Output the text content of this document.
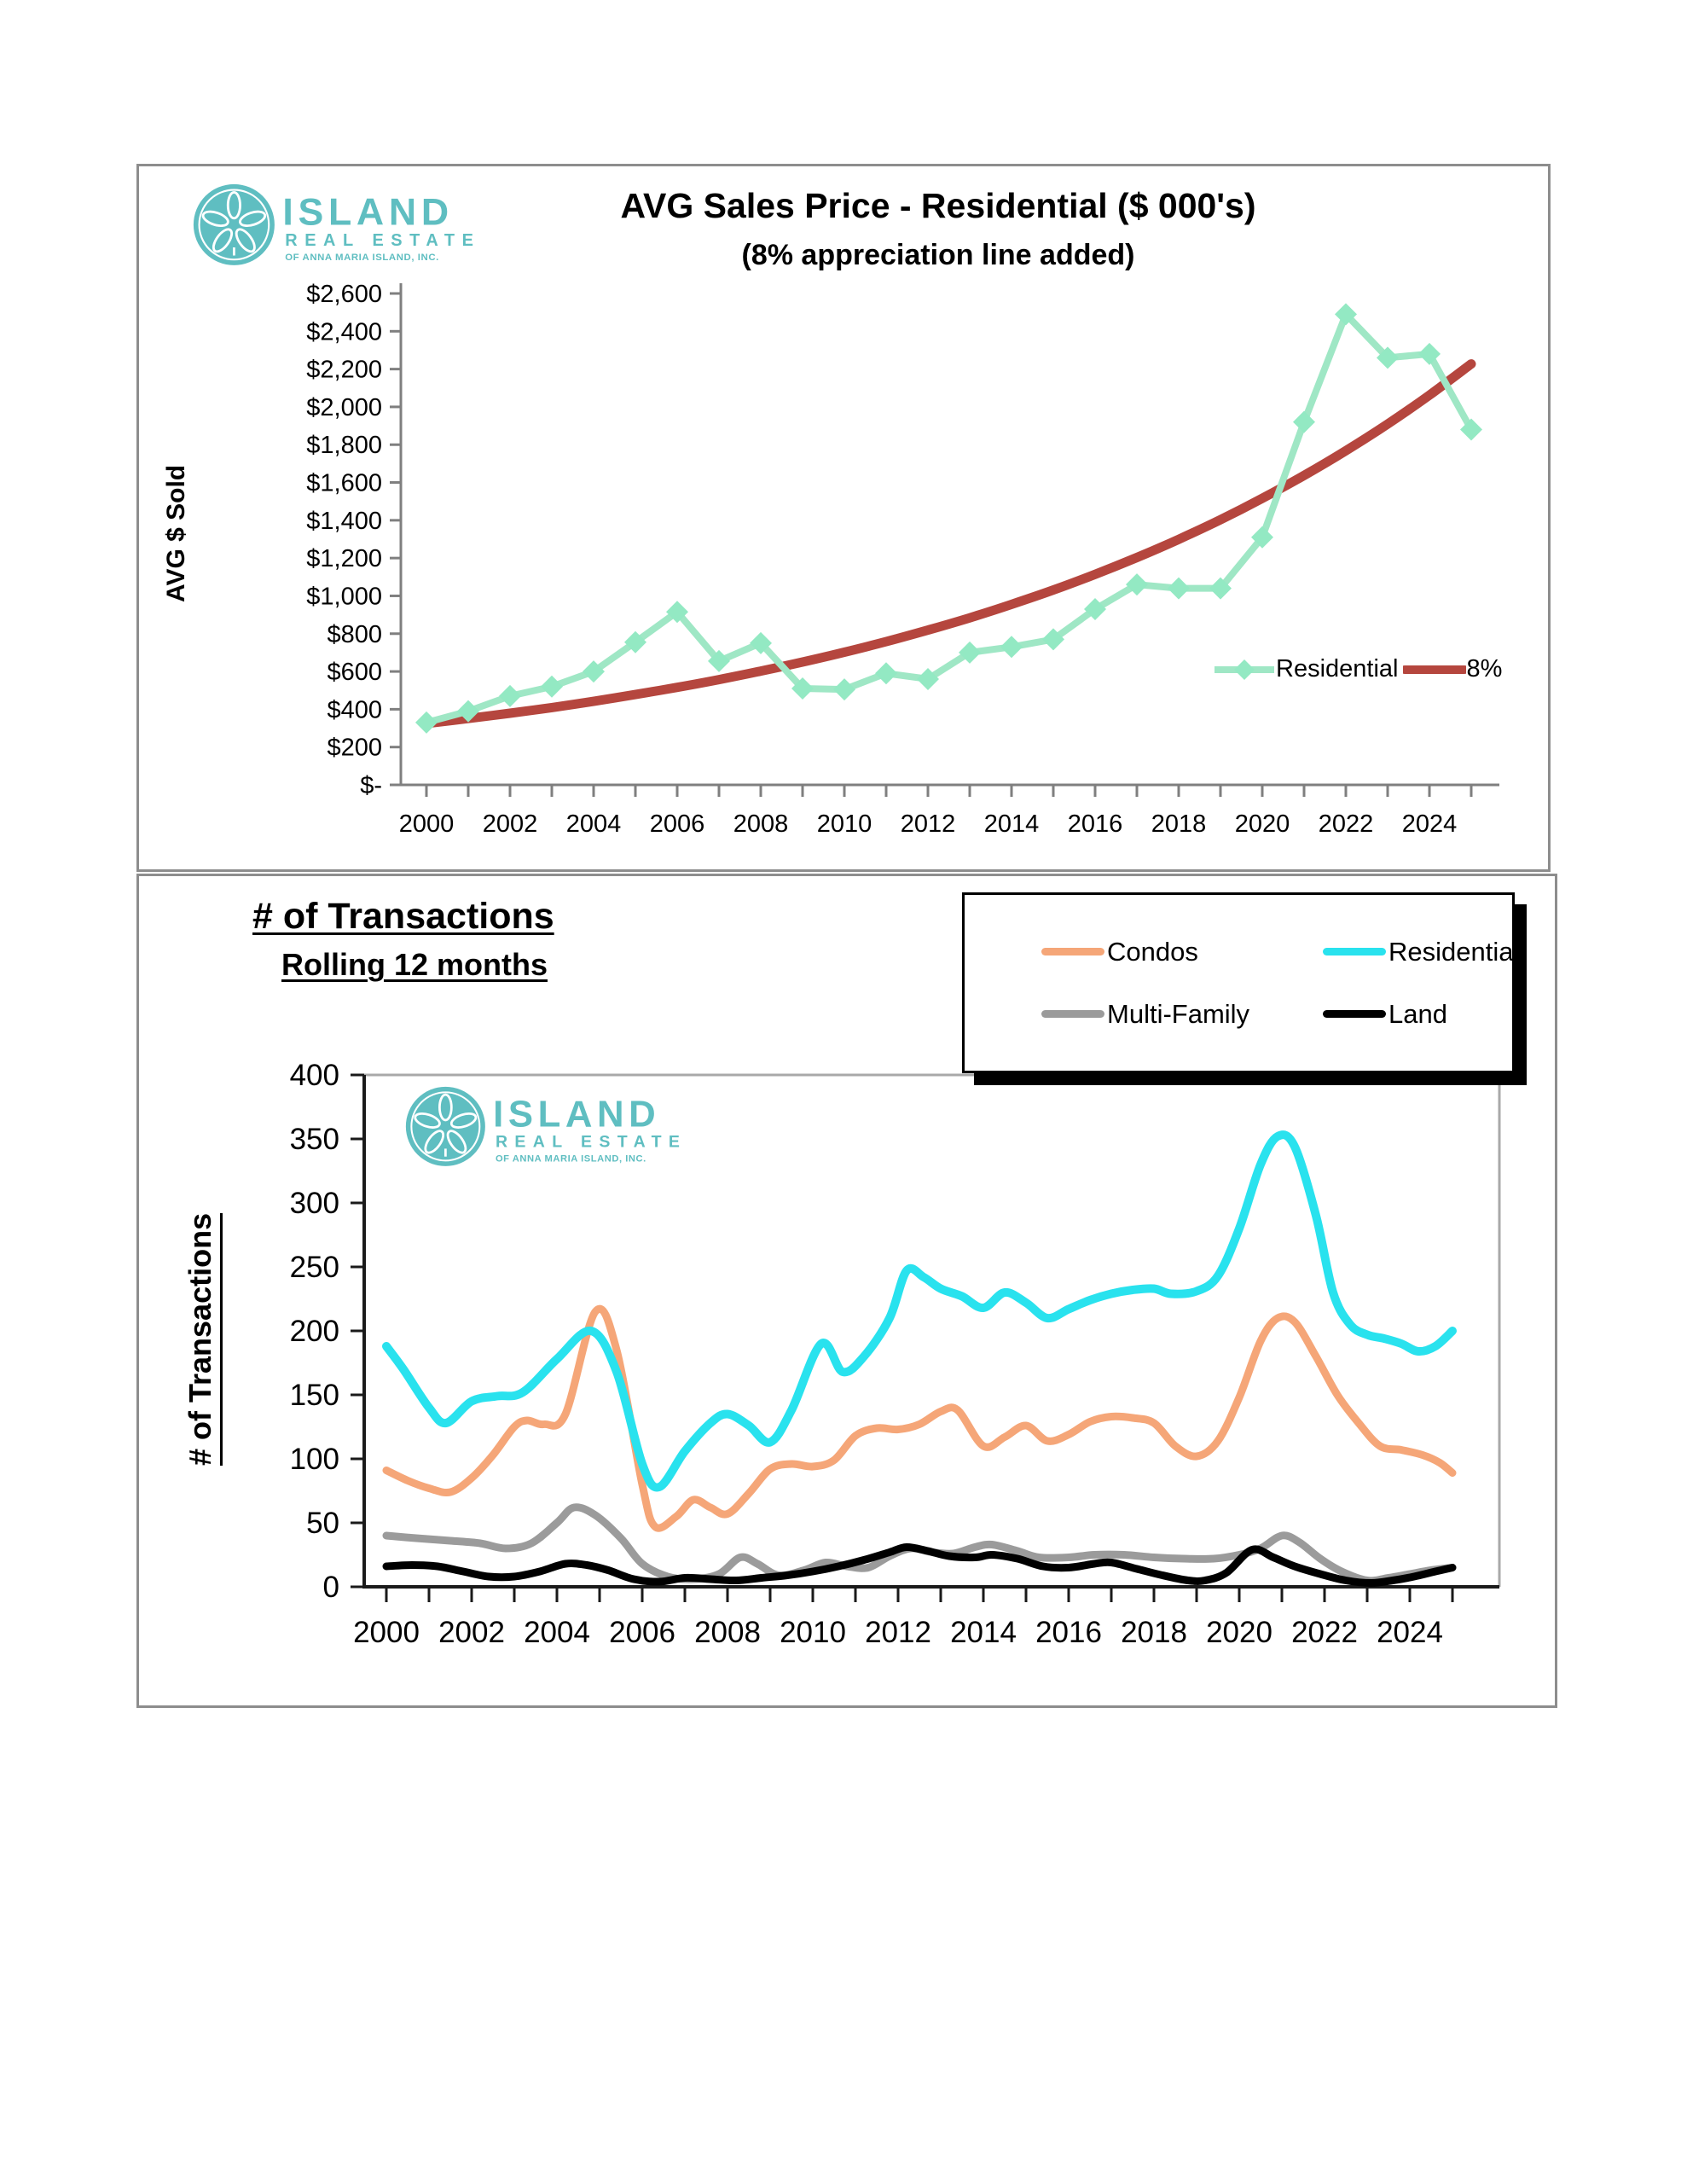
$2,600
$2,400
$2,200
$2,000
$1,800
$1,600
$1,400
$1,200
$1,000
$800
$600
$400
$200
$-
2000 2002 2004 2006 2008 2010 2012 2014 2016 2018 2020 2022 2024
ISLAND
REAL ESTATE
OF ANNA MARIA ISLAND, INC.
400
350
300
250
200
150
100
50
0
2000 2002 2004 2006 2008 2010 2012 2014 2016 2018 2020 2022 2024
ISLAND
REAL ESTATE
OF ANNA MARIA ISLAND, INC.
AVG Sales Price - Residential ($ 000's)
(8% appreciation line added)
AVG $ Sold
Residential	8%
# of Transactions
Rolling 12 months
# of Transactions
Condos	Residential
Multi-Family	Land
